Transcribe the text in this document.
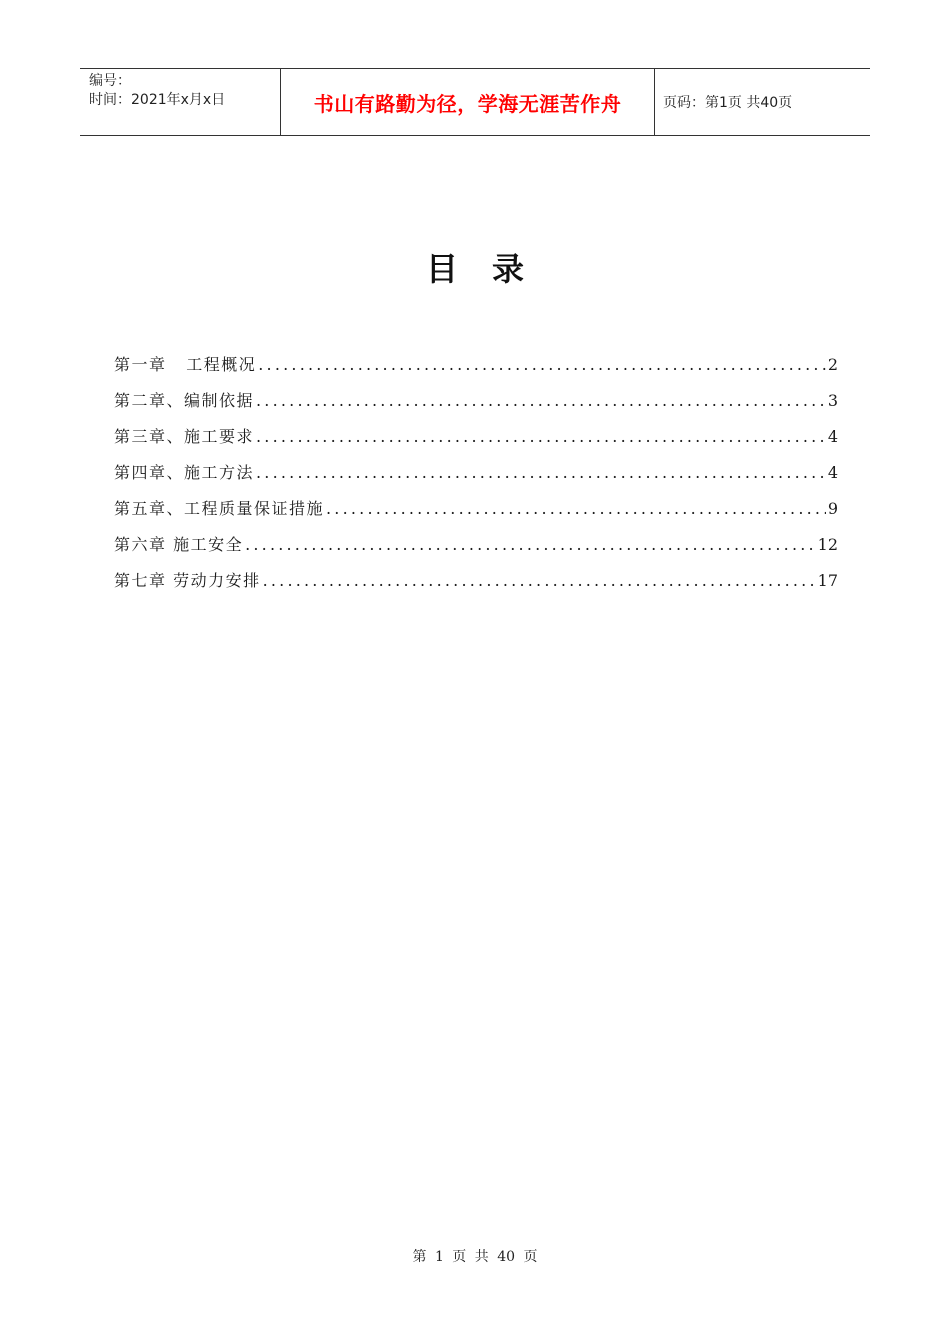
编号：
时间：2021年x月x日	书山有路勤为径，学海无涯苦作舟	页码：第1页 共40页
目录
第一章   工程概况 .....	2
第二章、编制依据 .....	3
第三章、施工要求 .....	4
第四章、施工方法 .....	4
第五章、工程质量保证措施 .....	9
第六章 施工安全 .....	12
第七章 劳动力安排 .....	17
第 1 页 共 40 页
